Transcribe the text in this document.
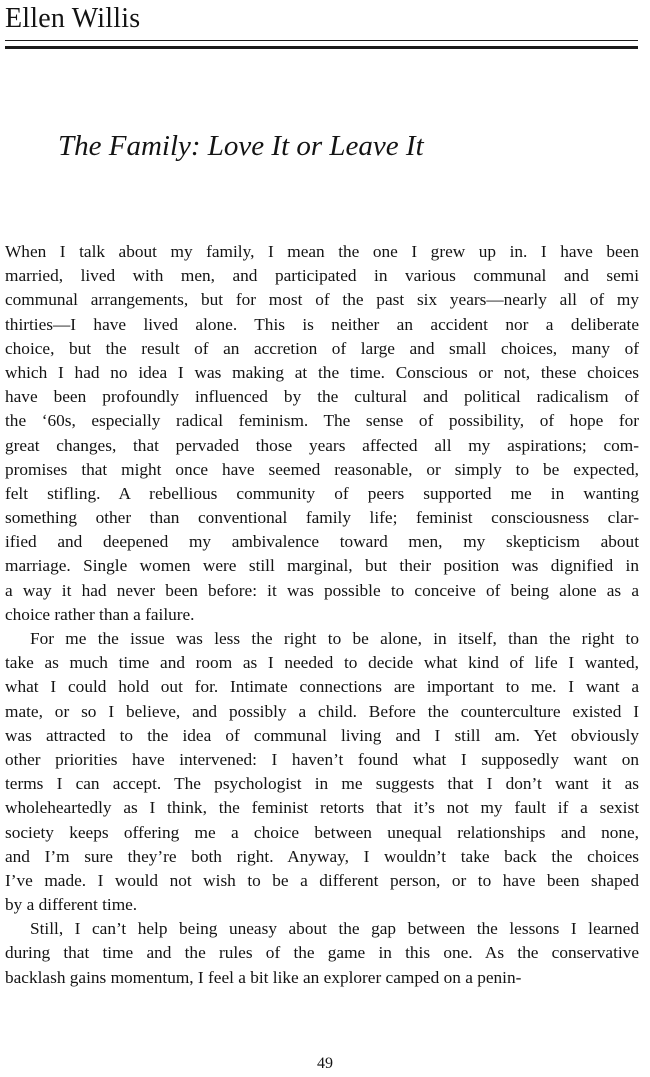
Ellen Willis
The Family: Love It or Leave It
When I talk about my family, I mean the one I grew up in. I have been
married, lived with men, and participated in various communal and semi
communal arrangements, but for most of the past six years—nearly all of my
thirties—I have lived alone. This is neither an accident nor a deliberate
choice, but the result of an accretion of large and small choices, many of
which I had no idea I was making at the time. Conscious or not, these choices
have been profoundly influenced by the cultural and political radicalism of
the ‘60s, especially radical feminism. The sense of possibility, of hope for
great changes, that pervaded those years affected all my aspirations; com-
promises that might once have seemed reasonable, or simply to be expected,
felt stifling. A rebellious community of peers supported me in wanting
something other than conventional family life; feminist consciousness clar-
ified and deepened my ambivalence toward men, my skepticism about
marriage. Single women were still marginal, but their position was dignified in
a way it had never been before: it was possible to conceive of being alone as a
choice rather than a failure.
For me the issue was less the right to be alone, in itself, than the right to
take as much time and room as I needed to decide what kind of life I wanted,
what I could hold out for. Intimate connections are important to me. I want a
mate, or so I believe, and possibly a child. Before the counterculture existed I
was attracted to the idea of communal living and I still am. Yet obviously
other priorities have intervened: I haven’t found what I supposedly want on
terms I can accept. The psychologist in me suggests that I don’t want it as
wholeheartedly as I think, the feminist retorts that it’s not my fault if a sexist
society keeps offering me a choice between unequal relationships and none,
and I’m sure they’re both right. Anyway, I wouldn’t take back the choices
I’ve made. I would not wish to be a different person, or to have been shaped
by a different time.
Still, I can’t help being uneasy about the gap between the lessons I learned
during that time and the rules of the game in this one. As the conservative
backlash gains momentum, I feel a bit like an explorer camped on a penin-
49
